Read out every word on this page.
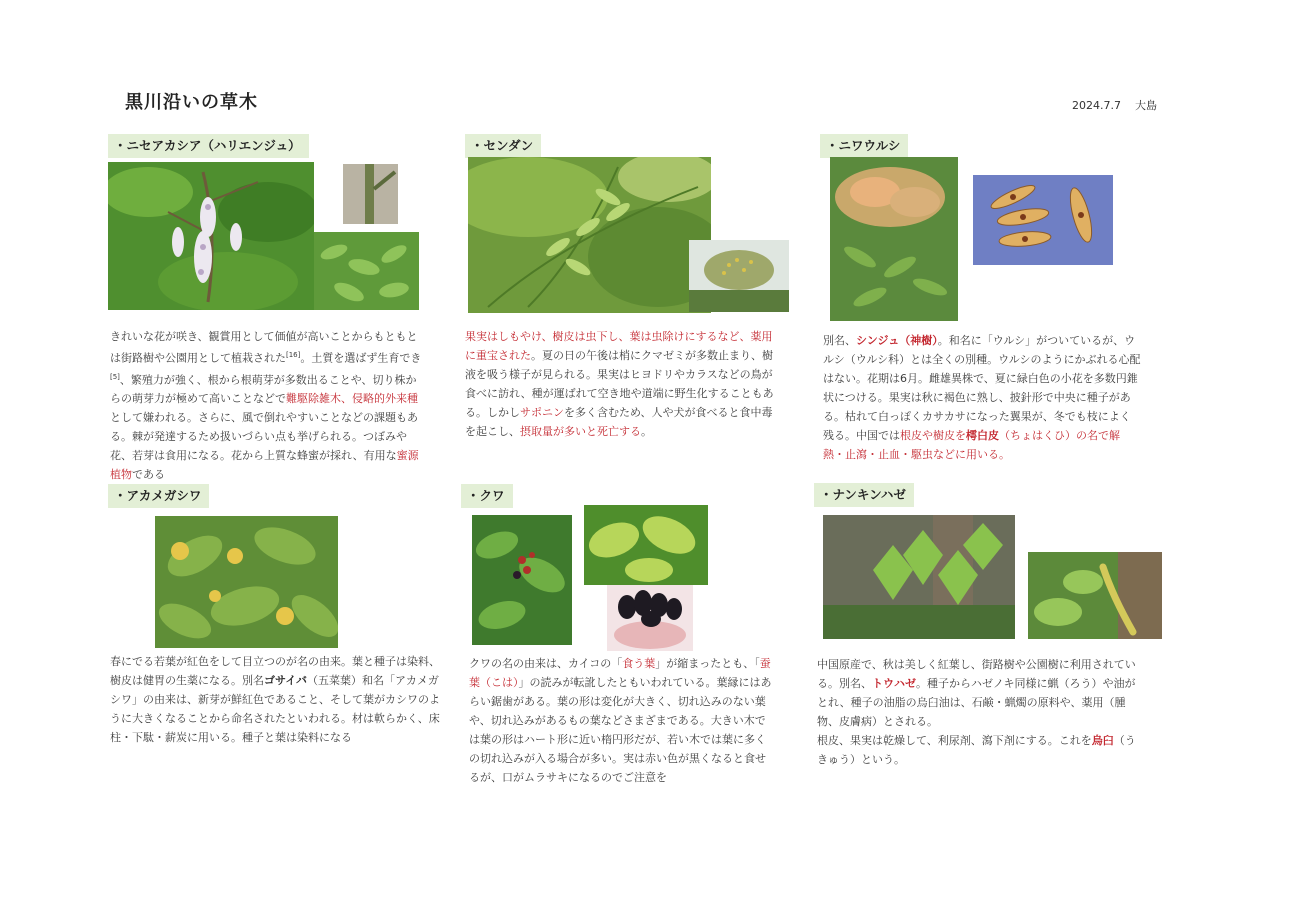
黒川沿いの草木	2024.7.7 大島
・ニセアカシア（ハリエンジュ）

きれいな花が咲き、観賞用として価値が高いことからもともとは街路樹や公園用として植栽された[16]。土質を選ばず生育でき[5]、繁殖力が強く、根から根萌芽が多数出ることや、切り株からの萌芽力が極めて高いことなどで難駆除雑木、侵略的外来種として嫌われる。さらに、風で倒れやすいことなどの課題もある。棘が発達するため扱いづらい点も挙げられる。つぼみや花、若芽は食用になる。花から上質な蜂蜜が採れ、有用な蜜源植物である

・センダン

果実はしもやけ、樹皮は虫下し、葉は虫除けにするなど、薬用に重宝された。夏の日の午後は梢にクマゼミが多数止まり、樹液を吸う様子が見られる。果実はヒヨドリやカラスなどの鳥が食べに訪れ、種が運ばれて空き地や道端に野生化することもある。しかしサポニンを多く含むため、人や犬が食べると食中毒を起こし、摂取量が多いと死亡する。

・ニワウルシ

別名、シンジュ（神樹）。和名に「ウルシ」がついているが、ウルシ（ウルシ科）とは全くの別種。ウルシのようにかぶれる心配はない。花期は6月。雌雄異株で、夏に緑白色の小花を多数円錐状につける。果実は秋に褐色に熟し、披針形で中央に種子がある。枯れて白っぽくカサカサになった翼果が、冬でも枝によく残る。中国では根皮や樹皮を樗白皮（ちょはくひ）の名で解熱・止瀉・止血・駆虫などに用いる。

・アカメガシワ

春にでる若葉が紅色をして目立つのが名の由来。葉と種子は染料、樹皮は健胃の生薬になる。別名ゴサイバ（五菜葉）和名「アカメガシワ」の由来は、新芽が鮮紅色であること、そして葉がカシワのように大きくなることから命名されたといわれる。材は軟らかく、床柱・下駄・薪炭に用いる。種子と葉は染料になる

・クワ

クワの名の由来は、カイコの「食う葉」が縮まったとも、「蚕葉（こは）」の読みが転訛したともいわれている。葉縁にはあらい鋸歯がある。葉の形は変化が大きく、切れ込みのない葉や、切れ込みがあるもの葉などさまざまである。大きい木では葉の形はハート形に近い楕円形だが、若い木では葉に多くの切れ込みが入る場合が多い。実は赤い色が黒くなると食せるが、口がムラサキになるのでご注意を

・ナンキンハゼ

中国原産で、秋は美しく紅葉し、街路樹や公園樹に利用されている。別名、トウハゼ。種子からハゼノキ同様に蝋（ろう）や油がとれ、種子の油脂の烏臼油は、石鹸・蝋燭の原料や、薬用（腫物、皮膚病）とされる。

根皮、果実は乾燥して、利尿剤、瀉下剤にする。これを烏臼（うきゅう）という。
